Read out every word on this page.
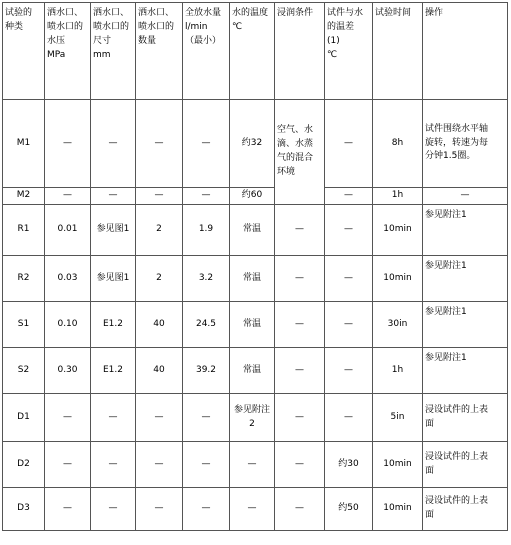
试验的
种类	洒水口、
喷水口的
水压
MPa	洒水口、
喷水口的
尺寸
mm	洒水口、
喷水口的
数量	全放水量
l/min
（最小）	水的温度
℃	浸润条件	试件与水
的温差
(1)
℃	试验时间	操作

M1	—	—	—	—	约32	空气、水
滴、水蒸
气的混合
环境	—	8h	试件围绕水平轴
旋转，转速为每
分钟1.5圈。

M2	—	—	—	—	约60		—	1h	—

R1	0.01	参见图1	2	1.9	常温	—	—	10min	参见附注1

R2	0.03	参见图1	2	3.2	常温	—	—	10min	参见附注1

S1	0.10	E1.2	40	24.5	常温	—	—	30in	参见附注1

S2	0.30	E1.2	40	39.2	常温	—	—	1h	参见附注1

D1	—	—	—	—	参见附注2	—	—	5in	浸设试件的上表
面

D2	—	—	—	—	—	—	约30	10min	浸设试件的上表
面

D3	—	—	—	—	—	—	约50	10min	浸设试件的上表
面
